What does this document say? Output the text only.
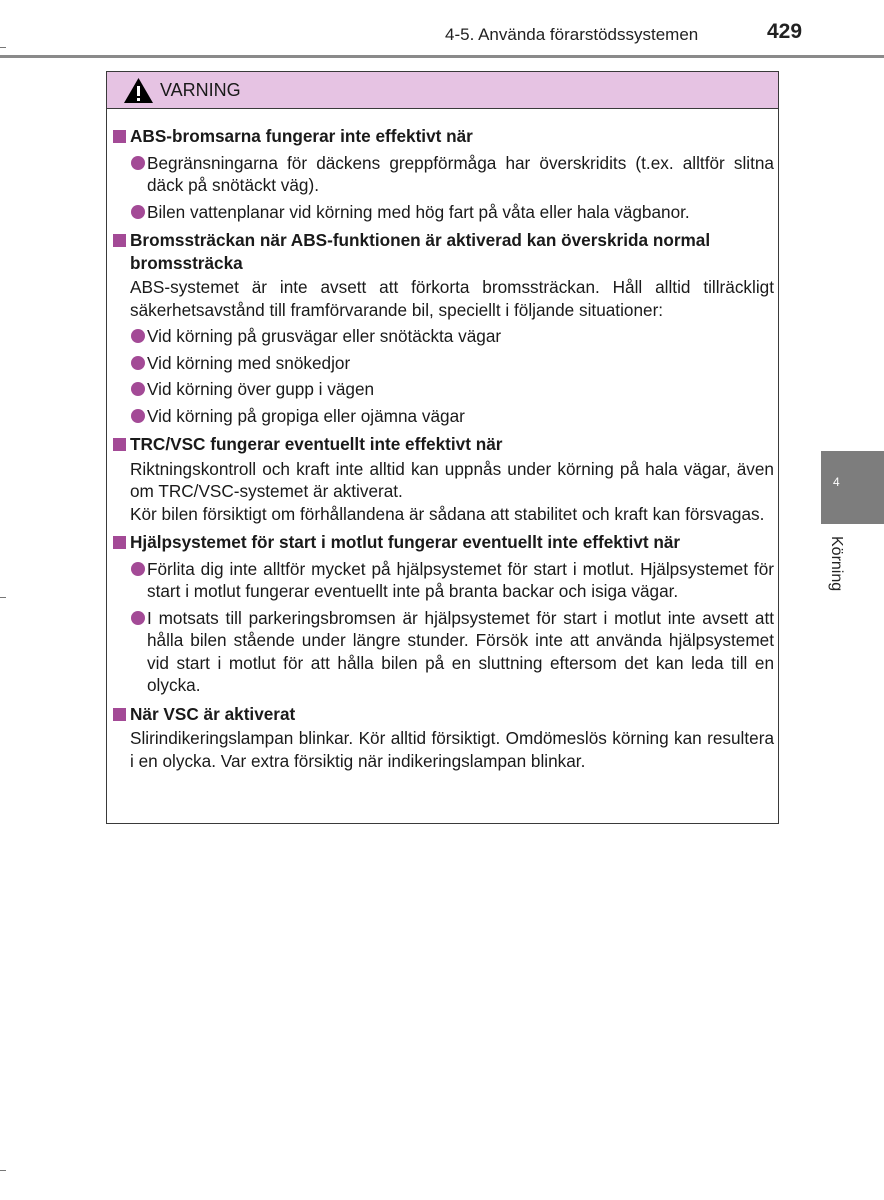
4-5. Använda förarstödssystemen	429
VARNING
ABS-bromsarna fungerar inte effektivt när
Begränsningarna för däckens greppförmåga har överskridits (t.ex. alltför slitna däck på snötäckt väg).
Bilen vattenplanar vid körning med hög fart på våta eller hala vägbanor.
Bromssträckan när ABS-funktionen är aktiverad kan överskrida normal bromssträcka
ABS-systemet är inte avsett att förkorta bromssträckan. Håll alltid tillräckligt säkerhetsavstånd till framförvarande bil, speciellt i följande situationer:
Vid körning på grusvägar eller snötäckta vägar
Vid körning med snökedjor
Vid körning över gupp i vägen
Vid körning på gropiga eller ojämna vägar
TRC/VSC fungerar eventuellt inte effektivt när
Riktningskontroll och kraft inte alltid kan uppnås under körning på hala vägar, även om TRC/VSC-systemet är aktiverat.
Kör bilen försiktigt om förhållandena är sådana att stabilitet och kraft kan försvagas.
Hjälpsystemet för start i motlut fungerar eventuellt inte effektivt när
Förlita dig inte alltför mycket på hjälpsystemet för start i motlut. Hjälpsystemet för start i motlut fungerar eventuellt inte på branta backar och isiga vägar.
I motsats till parkeringsbromsen är hjälpsystemet för start i motlut inte avsett att hålla bilen stående under längre stunder. Försök inte att använda hjälpsystemet vid start i motlut för att hålla bilen på en sluttning eftersom det kan leda till en olycka.
När VSC är aktiverat
Slirindikeringslampan blinkar. Kör alltid försiktigt. Omdömeslös körning kan resultera i en olycka. Var extra försiktig när indikeringslampan blinkar.
4
Körning
